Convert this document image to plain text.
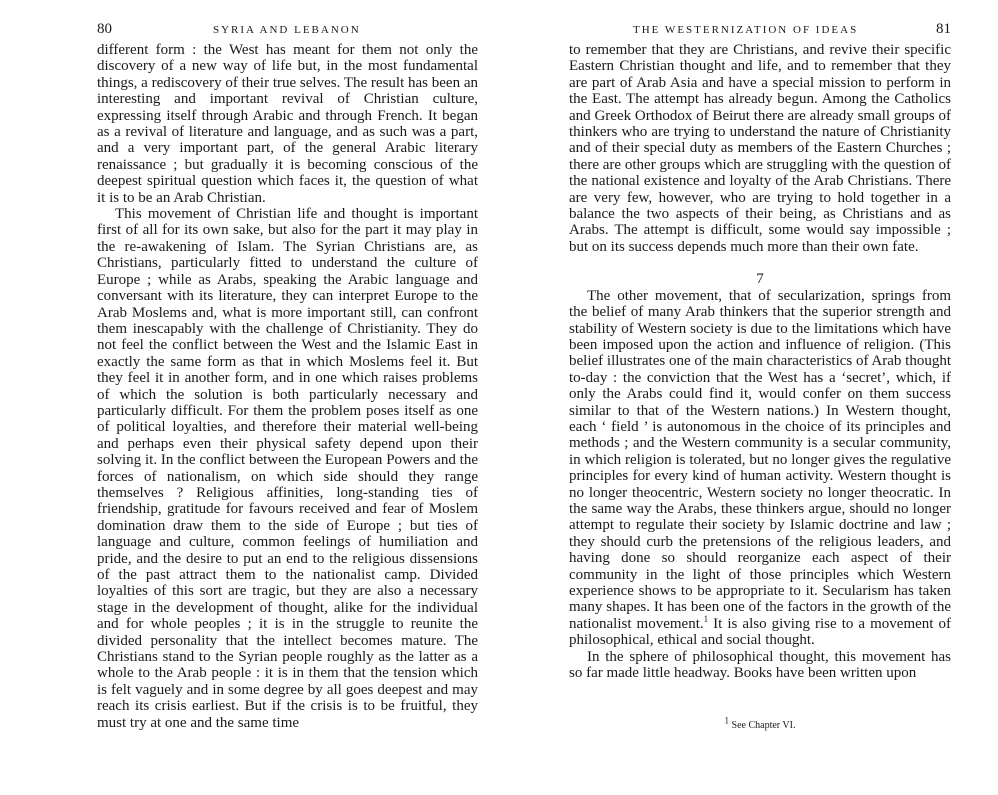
80	SYRIA AND LEBANON

different form : the West has meant for them not only the discovery of a new way of life but, in the most fundamental things, a rediscovery of their true selves. The result has been an interesting and important revival of Christian culture, expressing itself through Arabic and through French. It began as a revival of literature and language, and as such was a part, and a very important part, of the general Arabic literary renaissance ; but gradually it is becoming conscious of the deepest spiritual question which faces it, the question of what it is to be an Arab Christian.

This movement of Christian life and thought is important first of all for its own sake, but also for the part it may play in the re-awakening of Islam. The Syrian Christians are, as Christians, particularly fitted to understand the culture of Europe ; while as Arabs, speaking the Arabic language and conversant with its literature, they can interpret Europe to the Arab Moslems and, what is more important still, can confront them inescapably with the challenge of Christianity. They do not feel the conflict between the West and the Islamic East in exactly the same form as that in which Moslems feel it. But they feel it in another form, and in one which raises problems of which the solution is both particularly necessary and particularly difficult. For them the problem poses itself as one of political loyalties, and therefore their material well-being and perhaps even their physical safety depend upon their solving it. In the conflict between the European Powers and the forces of nationalism, on which side should they range themselves ? Religious affinities, long-standing ties of friendship, gratitude for favours received and fear of Moslem domination draw them to the side of Europe ; but ties of language and culture, common feelings of humiliation and pride, and the desire to put an end to the religious dissensions of the past attract them to the nationalist camp. Divided loyalties of this sort are tragic, but they are also a necessary stage in the development of thought, alike for the individual and for whole peoples ; it is in the struggle to reunite the divided personality that the intellect becomes mature. The Christians stand to the Syrian people roughly as the latter as a whole to the Arab people : it is in them that the tension which is felt vaguely and in some degree by all goes deepest and may reach its crisis earliest. But if the crisis is to be fruitful, they must try at one and the same time

THE WESTERNIZATION OF IDEAS	81

to remember that they are Christians, and revive their specific Eastern Christian thought and life, and to remember that they are part of Arab Asia and have a special mission to perform in the East. The attempt has already begun. Among the Catholics and Greek Orthodox of Beirut there are already small groups of thinkers who are trying to understand the nature of Christianity and of their special duty as members of the Eastern Churches ; there are other groups which are struggling with the question of the national existence and loyalty of the Arab Christians. There are very few, however, who are trying to hold together in a balance the two aspects of their being, as Christians and as Arabs. The attempt is difficult, some would say impossible ; but on its success depends much more than their own fate.

7

The other movement, that of secularization, springs from the belief of many Arab thinkers that the superior strength and stability of Western society is due to the limitations which have been imposed upon the action and influence of religion. (This belief illustrates one of the main characteristics of Arab thought to-day : the conviction that the West has a ‘secret’, which, if only the Arabs could find it, would confer on them success similar to that of the Western nations.) In Western thought, each ‘ field ’ is autonomous in the choice of its principles and methods ; and the Western community is a secular community, in which religion is tolerated, but no longer gives the regulative principles for every kind of human activity. Western thought is no longer theocentric, Western society no longer theocratic. In the same way the Arabs, these thinkers argue, should no longer attempt to regulate their society by Islamic doctrine and law ; they should curb the pretensions of the religious leaders, and having done so should reorganize each aspect of their community in the light of those principles which Western experience shows to be appropriate to it. Secularism has taken many shapes. It has been one of the factors in the growth of the nationalist movement.$^1$ It is also giving rise to a movement of philosophical, ethical and social thought.

In the sphere of philosophical thought, this movement has so far made little headway. Books have been written upon

$^1$ See Chapter VI.
